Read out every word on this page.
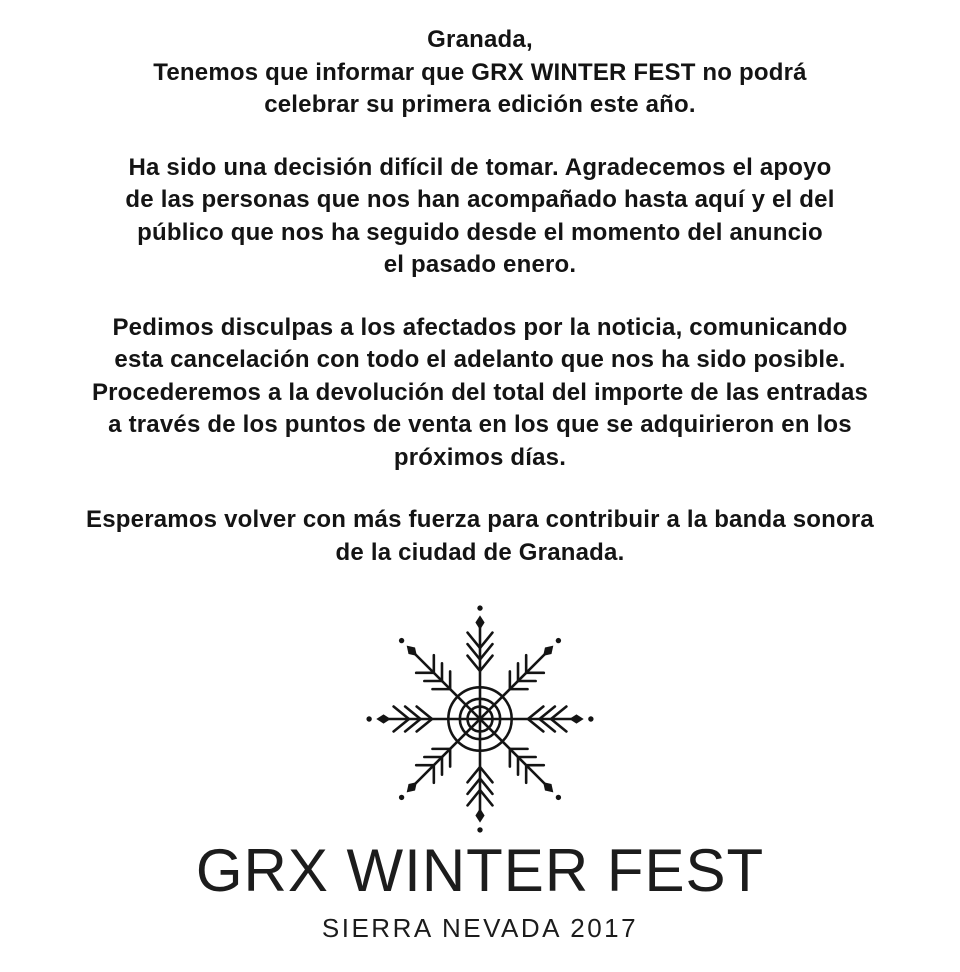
Granada,
Tenemos que informar que GRX WINTER FEST no podrá
celebrar su primera edición este año.

Ha sido una decisión difícil de tomar. Agradecemos el apoyo
de las personas que nos han acompañado hasta aquí y el del
público que nos ha seguido desde el momento del anuncio
el pasado enero.

Pedimos disculpas a los afectados por la noticia, comunicando
esta cancelación con todo el adelanto que nos ha sido posible.
Procederemos a la devolución del total del importe de las entradas
a través de los puntos de venta en los que se adquirieron en los
próximos días.

Esperamos volver con más fuerza para contribuir a la banda sonora
de la ciudad de Granada.

GRX WINTER FEST
SIERRA NEVADA 2017
